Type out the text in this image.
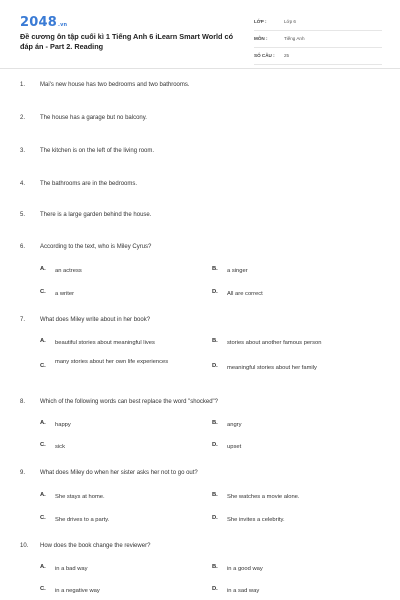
2048.vn
Đề cương ôn tập cuối kì 1 Tiếng Anh 6 iLearn Smart World có đáp án - Part 2. Reading
LỚP :	Lớp 6
MÔN :	Tiếng Anh
SỐ CÂU : 25
1. Mai's new house has two bedrooms and two bathrooms.
2. The house has a garage but no balcony.
3. The kitchen is on the left of the living room.
4. The bathrooms are in the bedrooms.
5. There is a large garden behind the house.
6. According to the text, who is Miley Cyrus?
A. an actress	B. a singer
C. a writer	D. All are correct
7. What does Miley write about in her book?
A. beautiful stories about meaningful lives	B. stories about another famous person
C.
many stories about her own life experiences
D. meaningful stories about her family
8. Which of the following words can best replace the word "shocked"?
A. happy	B. angry
C. sick	D. upset
9. What does Miley do when her sister asks her not to go out?
A. She stays at home.	B. She watches a movie alone.
C. She drives to a party.	D. She invites a celebrity.
10. How does the book change the reviewer?
A. in a bad way	B. in a good way
C. in a negative way	D. in a sad way
